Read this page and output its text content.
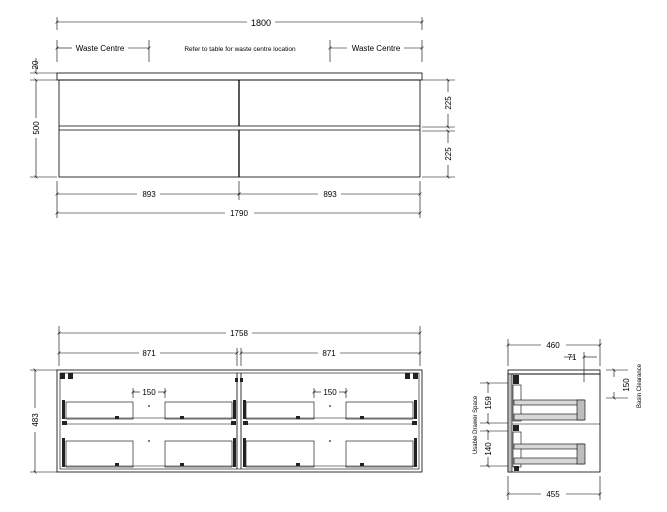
1800
Waste Centre	Refer to table for waste centre location	Waste Centre
20
500
225
225
893	893
1790
1758
871	871
483
150	150
460
71
150 Basin Clearance
Usable Drawer Space 159
140
455
